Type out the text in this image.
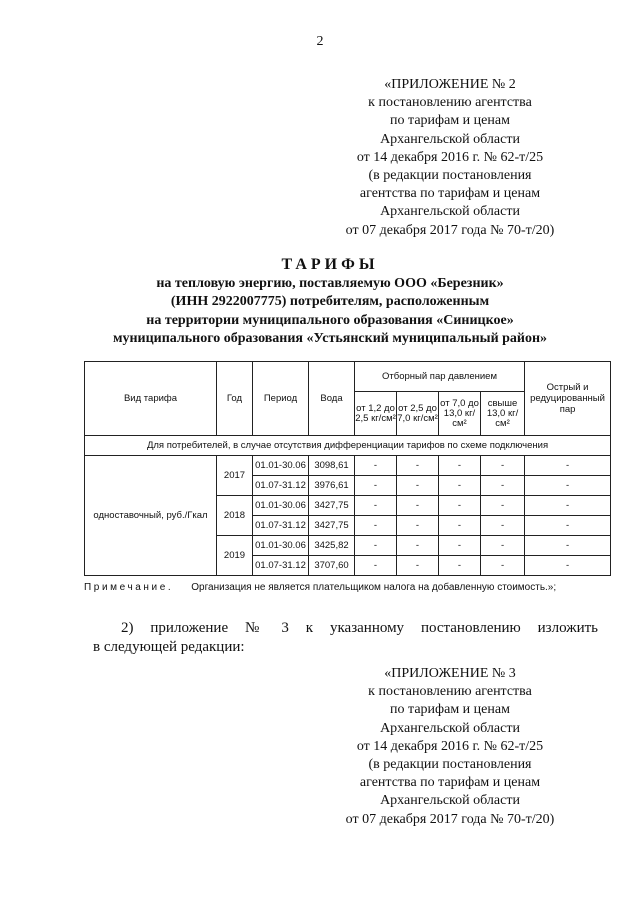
2
«ПРИЛОЖЕНИЕ № 2
к постановлению агентства
по тарифам и ценам
Архангельской области
от 14 декабря 2016 г. № 62-т/25
(в редакции постановления
агентства по тарифам и ценам
Архангельской области
от 07 декабря 2017 года № 70-т/20)
ТАРИФЫ
на тепловую энергию, поставляемую ООО «Березник»
(ИНН 2922007775) потребителям, расположенным
на территории муниципального образования «Синицкое»
муниципального образования «Устьянский муниципальный район»
Вид тарифа	Год	Период	Вода	Отборный пар давлением				Острый и редуцированный пар
				от 1,2 до 2,5 кг/см²	от 2,5 до 7,0 кг/см²	от 7,0 до 13,0 кг/см²	свыше 13,0 кг/см²	
Для потребителей, в случае отсутствия дифференциации тарифов по схеме подключения								
одноставочный, руб./Гкал	2017	01.01-30.06	3098,61	-	-	-	-	-
		01.07-31.12	3976,61	-	-	-	-	-
	2018	01.01-30.06	3427,75	-	-	-	-	-
		01.07-31.12	3427,75	-	-	-	-	-
	2019	01.01-30.06	3425,82	-	-	-	-	-
		01.07-31.12	3707,60	-	-	-	-	-
Примечание. Организация не является плательщиком налога на добавленную стоимость.»;
2) приложение № 3 к указанному постановлению изложить
в следующей редакции:
«ПРИЛОЖЕНИЕ № 3
к постановлению агентства
по тарифам и ценам
Архангельской области
от 14 декабря 2016 г. № 62-т/25
(в редакции постановления
агентства по тарифам и ценам
Архангельской области
от 07 декабря 2017 года № 70-т/20)
